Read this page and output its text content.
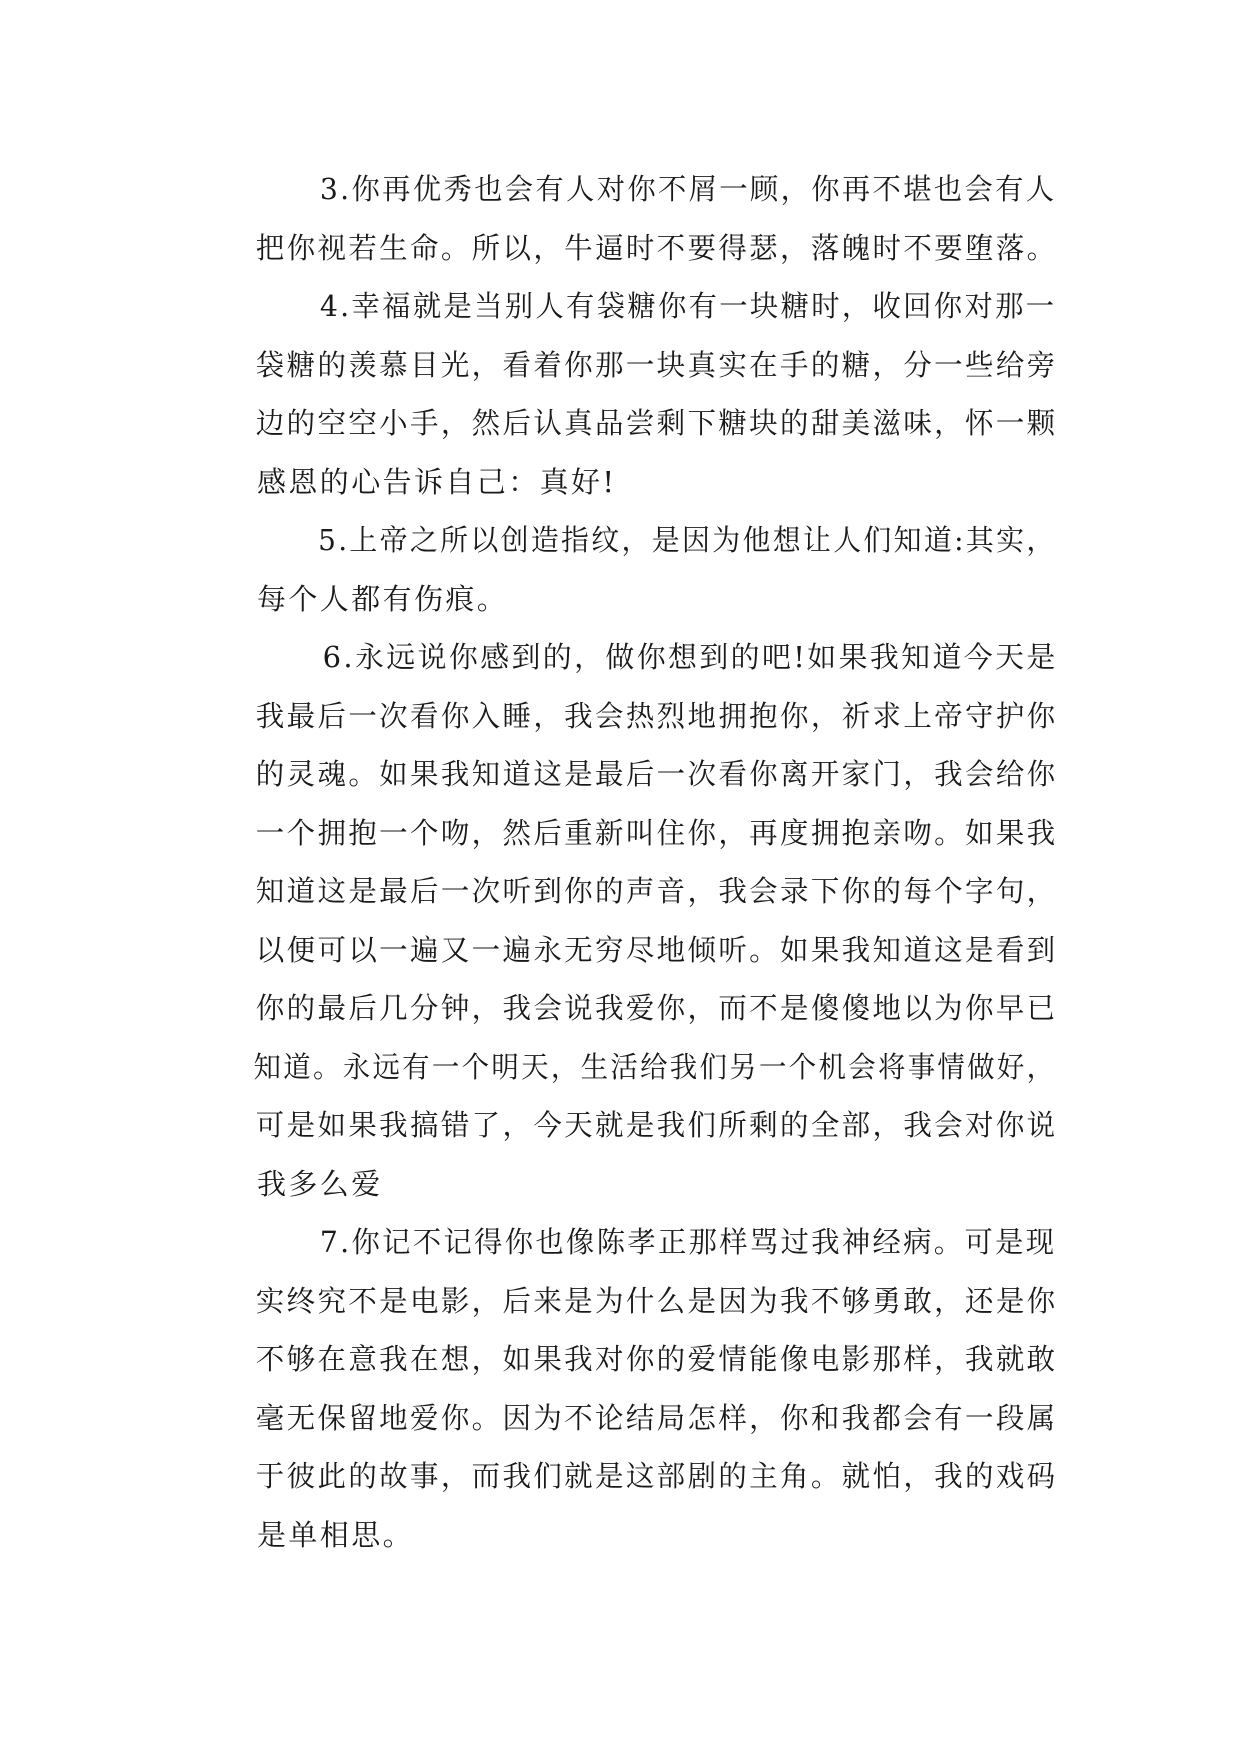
3.你再优秀也会有人对你不屑一顾，你再不堪也会有人
把你视若生命。所以，牛逼时不要得瑟，落魄时不要堕落。
4.幸福就是当别人有袋糖你有一块糖时，收回你对那一
袋糖的羡慕目光，看着你那一块真实在手的糖，分一些给旁
边的空空小手，然后认真品尝剩下糖块的甜美滋味，怀一颗
感恩的心告诉自己：真好!
5.上帝之所以创造指纹，是因为他想让人们知道:其实，
每个人都有伤痕。
6.永远说你感到的，做你想到的吧!如果我知道今天是
我最后一次看你入睡，我会热烈地拥抱你，祈求上帝守护你
的灵魂。如果我知道这是最后一次看你离开家门，我会给你
一个拥抱一个吻，然后重新叫住你，再度拥抱亲吻。如果我
知道这是最后一次听到你的声音，我会录下你的每个字句，
以便可以一遍又一遍永无穷尽地倾听。如果我知道这是看到
你的最后几分钟，我会说我爱你，而不是傻傻地以为你早已
知道。永远有一个明天，生活给我们另一个机会将事情做好，
可是如果我搞错了，今天就是我们所剩的全部，我会对你说
我多么爱
7.你记不记得你也像陈孝正那样骂过我神经病。可是现
实终究不是电影，后来是为什么是因为我不够勇敢，还是你
不够在意我在想，如果我对你的爱情能像电影那样，我就敢
毫无保留地爱你。因为不论结局怎样，你和我都会有一段属
于彼此的故事，而我们就是这部剧的主角。就怕，我的戏码
是单相思。
